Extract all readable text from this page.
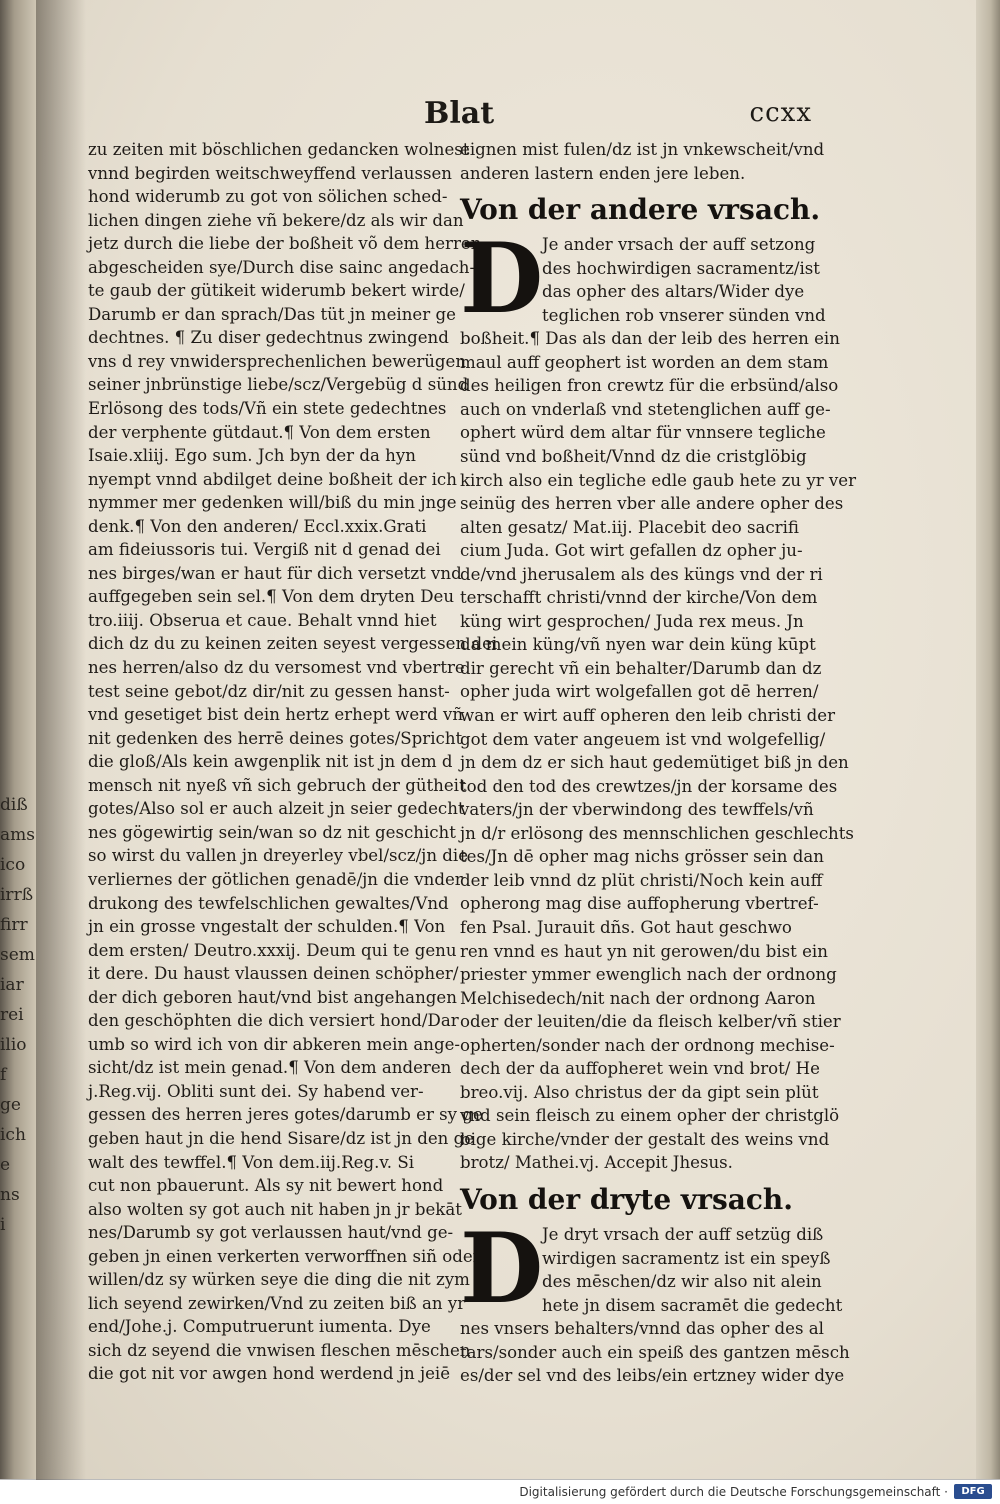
diß
ams
ico
irrß
firr
sem
iar
rei
ilio
f
ge
ich
e
ns
i
Blat	ccxx
zu zeiten mit böschlichen gedancken wolnest
vnnd begirden weitschweyffend verlaussen
hond widerumb zu got von sölichen sched-
lichen dingen ziehe vñ bekere/dz als wir dan
jetz durch die liebe der boßheit võ dem herren
abgescheiden sye/Durch dise sainc angedach-
te gaub der gütikeit widerumb bekert wirde/
Darumb er dan sprach/Das tüt jn meiner ge
dechtnes. ¶ Zu diser gedechtnus zwingend
vns d rey vnwidersprechenlichen bewerügen
seiner jnbrünstige liebe/scz/Vergebüg d sünd
Erlösong des tods/Vñ ein stete gedechtnes
der verphente gütdaut.¶ Von dem ersten
Isaie.xliij. Ego sum. Jch byn der da hyn
nyempt vnnd abdilget deine boßheit der ich
nymmer mer gedenken will/biß du min jnge
denk.¶ Von den anderen/ Eccl.xxix.Grati
am fideiussoris tui. Vergiß nit d genad dei
nes birges/wan er haut für dich versetzt vnd
auffgegeben sein sel.¶ Von dem dryten Deu
tro.iiij. Obserua et caue. Behalt vnnd hiet
dich dz du zu keinen zeiten seyest vergessen dei
nes herren/also dz du versomest vnd vbertre
test seine gebot/dz dir/nit zu gessen hanst-
vnd gesetiget bist dein hertz erhept werd vñ
nit gedenken des herrē deines gotes/Spricht
die gloß/Als kein awgenplik nit ist jn dem d
mensch nit nyeß vñ sich gebruch der gütheit
gotes/Also sol er auch alzeit jn seier gedecht
nes gögewirtig sein/wan so dz nit geschicht
so wirst du vallen jn dreyerley vbel/scz/jn die
verliernes der götlichen genadē/jn die vnder
drukong des tewfelschlichen gewaltes/Vnd
jn ein grosse vngestalt der schulden.¶ Von
dem ersten/ Deutro.xxxij. Deum qui te genu
it dere. Du haust vlaussen deinen schöpher/
der dich geboren haut/vnd bist angehangen
den geschöphten die dich versiert hond/Dar
umb so wird ich von dir abkeren mein ange-
sicht/dz ist mein genad.¶ Von dem anderen
j.Reg.vij. Obliti sunt dei. Sy habend ver-
gessen des herren jeres gotes/darumb er sy ge
geben haut jn die hend Sisare/dz ist jn den ge
walt des tewffel.¶ Von dem.iij.Reg.v. Si
cut non pbauerunt. Als sy nit bewert hond
also wolten sy got auch nit haben jn jr bekāt
nes/Darumb sy got verlaussen haut/vnd ge-
geben jn einen verkerten verworffnen siñ oder
willen/dz sy würken seye die ding die nit zym
lich seyend zewirken/Vnd zu zeiten biß an yr
end/Johe.j. Computruerunt iumenta. Dye
sich dz seyend die vnwisen fleschen mēschen
die got nit vor awgen hond werdend jn jeiē
eignen mist fulen/dz ist jn vnkewscheit/vnd
anderen lastern enden jere leben.
Von der andere vrsach.
D
Je ander vrsach der auff setzong
des hochwirdigen sacramentz/ist
das opher des altars/Wider dye
teglichen rob vnserer sünden vnd
boßheit.¶ Das als dan der leib des herren ein
maul auff geophert ist worden an dem stam
des heiligen fron crewtz für die erbsünd/also
auch on vnderlaß vnd stetenglichen auff ge-
ophert würd dem altar für vnnsere tegliche
sünd vnd boßheit/Vnnd dz die cristglöbig
kirch also ein tegliche edle gaub hete zu yr ver
seinüg des herren vber alle andere opher des
alten gesatz/ Mat.iij. Placebit deo sacrifi
cium Juda. Got wirt gefallen dz opher ju-
de/vnd jherusalem als des küngs vnd der ri
terschafft christi/vnnd der kirche/Von dem
küng wirt gesprochen/ Juda rex meus. Jn
da mein küng/vñ nyen war dein küng kūpt
dir gerecht vñ ein behalter/Darumb dan dz
opher juda wirt wolgefallen got dē herren/
wan er wirt auff opheren den leib christi der
got dem vater angeuem ist vnd wolgefellig/
jn dem dz er sich haut gedemütiget biß jn den
tod den tod des crewtzes/jn der korsame des
vaters/jn der vberwindong des tewffels/vñ
jn d/r erlösong des mennschlichen geschlechts
tes/Jn dē opher mag nichs grösser sein dan
der leib vnnd dz plüt christi/Noch kein auff
opherong mag dise auffopherung vbertref-
fen Psal. Jurauit dñs. Got haut geschwo
ren vnnd es haut yn nit gerowen/du bist ein
priester ymmer ewenglich nach der ordnong
Melchisedech/nit nach der ordnong Aaron
oder der leuiten/die da fleisch kelber/vñ stier
opherten/sonder nach der ordnong mechise-
dech der da auffopheret wein vnd brot/ He
breo.vij. Also christus der da gipt sein plüt
vnd sein fleisch zu einem opher der christglö
bige kirche/vnder der gestalt des weins vnd
brotz/ Mathei.vj. Accepit Jhesus.
Von der dryte vrsach.
D
Je dryt vrsach der auff setzüg diß
wirdigen sacramentz ist ein speyß
des mēschen/dz wir also nit alein
hete jn disem sacramēt die gedecht
nes vnsers behalters/vnnd das opher des al
tars/sonder auch ein speiß des gantzen mēsch
es/der sel vnd des leibs/ein ertzney wider dye
Digitalisierung gefördert durch die Deutsche Forschungsgemeinschaft ·	DFG
